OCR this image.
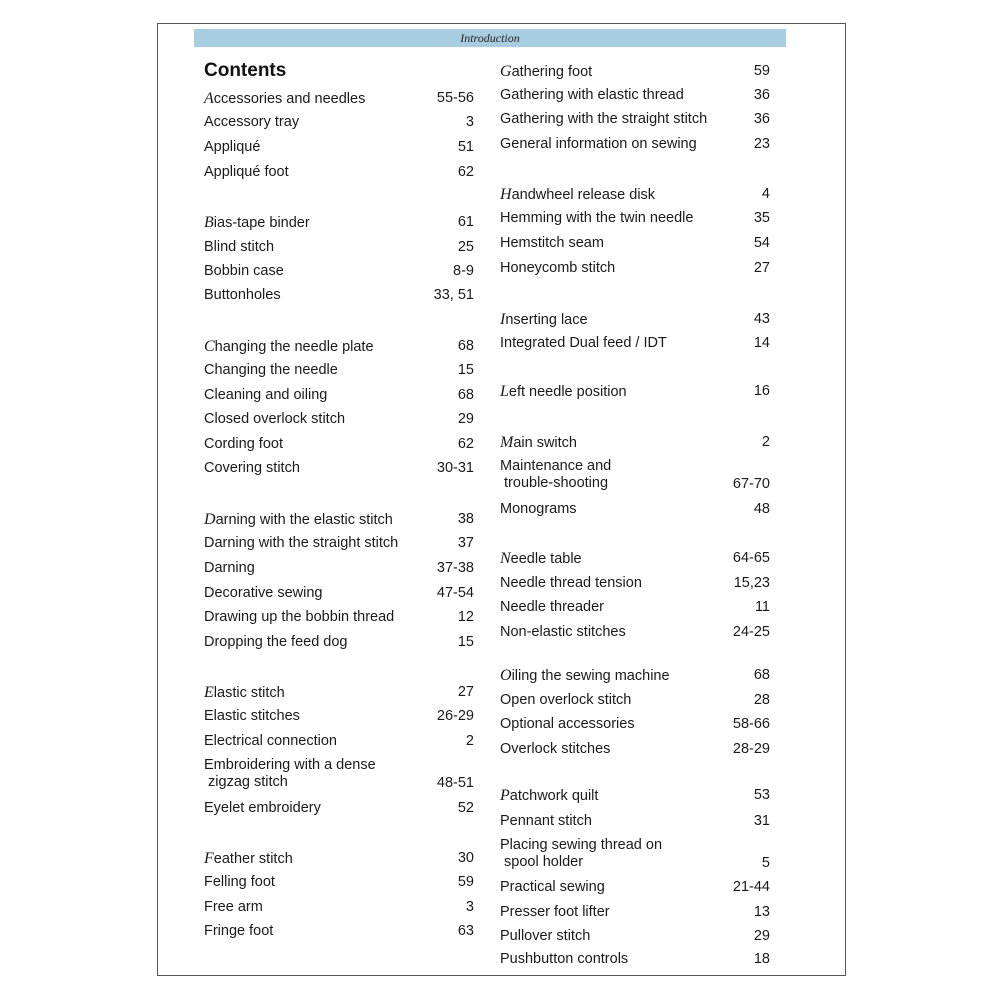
Introduction
Contents
Accessories and needles	55-56
Accessory tray	3
Appliqué	51
Appliqué foot	62
Bias-tape binder	61
Blind stitch	25
Bobbin case	8-9
Buttonholes	33, 51
Changing the needle plate	68
Changing the needle	15
Cleaning and oiling	68
Closed overlock stitch	29
Cording foot	62
Covering stitch	30-31
Darning with the elastic stitch	38
Darning with the straight stitch	37
Darning	37-38
Decorative sewing	47-54
Drawing up the bobbin thread	12
Dropping the feed dog	15
Elastic stitch	27
Elastic stitches	26-29
Electrical connection	2
Embroidering with a dense
zigzag stitch	48-51
Eyelet embroidery	52
Feather stitch	30
Felling foot	59
Free arm	3
Fringe foot	63
Gathering foot	59
Gathering with elastic thread	36
Gathering with the straight stitch	36
General information on sewing	23
Handwheel release disk	4
Hemming with the twin needle	35
Hemstitch seam	54
Honeycomb stitch	27
Inserting lace	43
Integrated Dual feed / IDT	14
Left needle position	16
Main switch	2
Maintenance and
trouble-shooting	67-70
Monograms	48
Needle table	64-65
Needle thread tension	15,23
Needle threader	11
Non-elastic stitches	24-25
Oiling the sewing machine	68
Open overlock stitch	28
Optional accessories	58-66
Overlock stitches	28-29
Patchwork quilt	53
Pennant stitch	31
Placing sewing thread on
spool holder	5
Practical sewing	21-44
Presser foot lifter	13
Pullover stitch	29
Pushbutton controls	18
